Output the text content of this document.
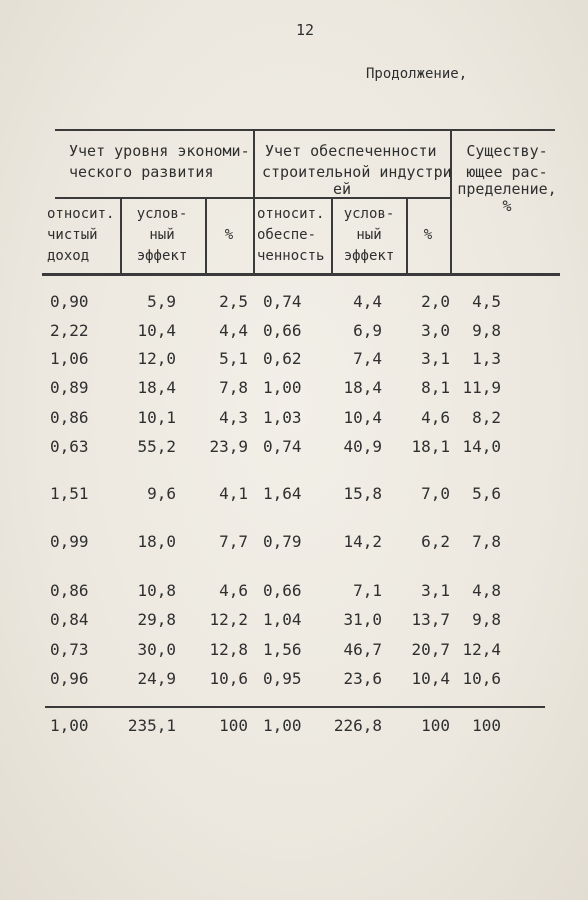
12
Продолжение,
Учет уровня экономи-
ческого развития
Учет обеспеченности
строительной индустри
ей
Существу-
ющее рас-
пределение,
%
относит.
чистый
доход
услов-
ный
эффект
%
относит.
обеспе-
ченность
услов-
ный
эффект
%
0,90	5,9	2,5 0,74	4,4	2,0	4,5
2,22	10,4	4,4 0,66	6,9	3,0	9,8
1,06	12,0	5,1 0,62	7,4	3,1	1,3
0,89	18,4	7,8 1,00	18,4	8,1 11,9
0,86	10,1	4,3 1,03	10,4	4,6	8,2
0,63	55,2	23,9 0,74	40,9	18,1 14,0
1,51	9,6	4,1 1,64	15,8	7,0	5,6
0,99	18,0	7,7 0,79	14,2	6,2	7,8
0,86	10,8	4,6 0,66	7,1	3,1	4,8
0,84	29,8	12,2 1,04	31,0	13,7	9,8
0,73	30,0	12,8 1,56	46,7	20,7 12,4
0,96	24,9	10,6 0,95	23,6	10,4 10,6
1,00	235,1	100 1,00	226,8	100	100
